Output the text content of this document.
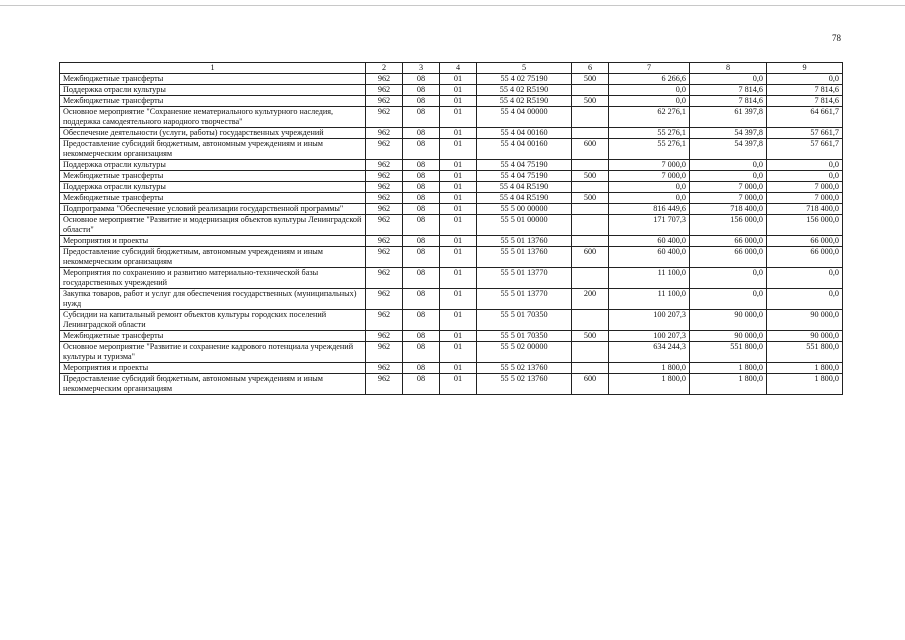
78
1	2	3	4	5	6	7	8	9
Межбюджетные трансферты	962	08	01	55 4 02 75190	500	6 266,6	0,0	0,0
Поддержка отрасли культуры	962	08	01	55 4 02 R5190		0,0	7 814,6	7 814,6
Межбюджетные трансферты	962	08	01	55 4 02 R5190	500	0,0	7 814,6	7 814,6
Основное мероприятие "Сохранение нематериального культурного наследия, поддержка самодеятельного народного творчества"	962	08	01	55 4 04 00000		62 276,1	61 397,8	64 661,7
Обеспечение деятельности (услуги, работы) государственных учреждений	962	08	01	55 4 04 00160		55 276,1	54 397,8	57 661,7
Предоставление субсидий бюджетным, автономным учреждениям и иным некоммерческим организациям	962	08	01	55 4 04 00160	600	55 276,1	54 397,8	57 661,7
Поддержка отрасли культуры	962	08	01	55 4 04 75190		7 000,0	0,0	0,0
Межбюджетные трансферты	962	08	01	55 4 04 75190	500	7 000,0	0,0	0,0
Поддержка отрасли культуры	962	08	01	55 4 04 R5190		0,0	7 000,0	7 000,0
Межбюджетные трансферты	962	08	01	55 4 04 R5190	500	0,0	7 000,0	7 000,0
Подпрограмма "Обеспечение условий реализации государственной программы"	962	08	01	55 5 00 00000		816 449,6	718 400,0	718 400,0
Основное мероприятие "Развитие и модернизация объектов культуры Ленинградской области"	962	08	01	55 5 01 00000		171 707,3	156 000,0	156 000,0
Мероприятия и проекты	962	08	01	55 5 01 13760		60 400,0	66 000,0	66 000,0
Предоставление субсидий бюджетным, автономным учреждениям и иным некоммерческим организациям	962	08	01	55 5 01 13760	600	60 400,0	66 000,0	66 000,0
Мероприятия по сохранению и развитию материально-технической базы государственных учреждений	962	08	01	55 5 01 13770		11 100,0	0,0	0,0
Закупка товаров, работ и услуг для обеспечения государственных (муниципальных) нужд	962	08	01	55 5 01 13770	200	11 100,0	0,0	0,0
Субсидии на капитальный ремонт объектов культуры городских поселений Ленинградской области	962	08	01	55 5 01 70350		100 207,3	90 000,0	90 000,0
Межбюджетные трансферты	962	08	01	55 5 01 70350	500	100 207,3	90 000,0	90 000,0
Основное мероприятие "Развитие и сохранение кадрового потенциала учреждений культуры и туризма"	962	08	01	55 5 02 00000		634 244,3	551 800,0	551 800,0
Мероприятия и проекты	962	08	01	55 5 02 13760		1 800,0	1 800,0	1 800,0
Предоставление субсидий бюджетным, автономным учреждениям и иным некоммерческим организациям	962	08	01	55 5 02 13760	600	1 800,0	1 800,0	1 800,0
